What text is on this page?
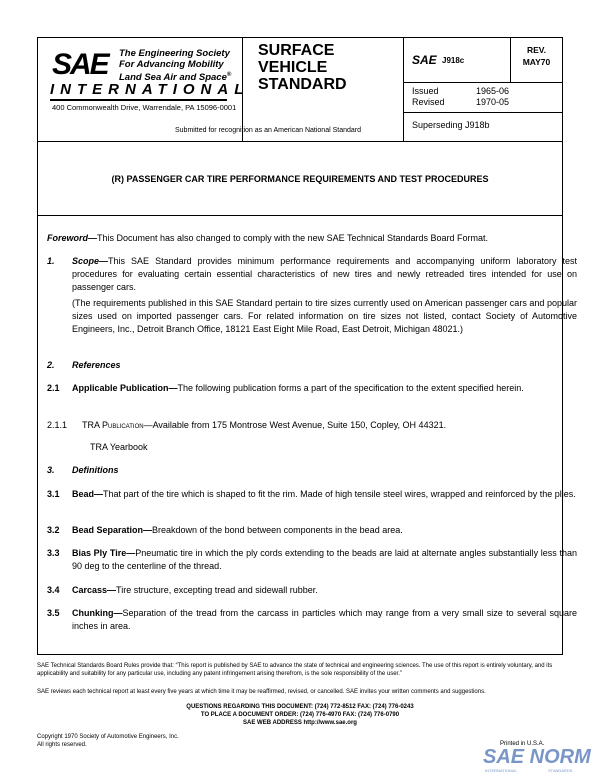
SAE The Engineering Society
For Advancing Mobility
Land Sea Air and Space®
INTERNATIONAL
400 Commonwealth Drive, Warrendale, PA 15096-0001
SURFACE
VEHICLE
STANDARD
Submitted for recognition as an American National Standard
SAE J918c
REV.
MAY70
Issued	1965-06
Revised	1970-05
Superseding J918b
(R) PASSENGER CAR TIRE PERFORMANCE REQUIREMENTS AND TEST PROCEDURES
Foreword—This Document has also changed to comply with the new SAE Technical Standards Board Format.
1. Scope—This SAE Standard provides minimum performance requirements and accompanying uniform laboratory test procedures for evaluating certain essential characteristics of new tires and newly retreaded tires intended for use on passenger cars.
(The requirements published in this SAE Standard pertain to tire sizes currently used on American passenger cars and popular sizes used on imported passenger cars. For related information on tire sizes not listed, contact Society of Automotive Engineers, Inc., Detroit Branch Office, 18121 East Eight Mile Road, East Detroit, Michigan 48021.)
2. References
2.1 Applicable Publication—The following publication forms a part of the specification to the extent specified herein.
2.1.1 TRA Publication—Available from 175 Montrose West Avenue, Suite 150, Copley, OH 44321.
TRA Yearbook
3. Definitions
3.1 Bead—That part of the tire which is shaped to fit the rim. Made of high tensile steel wires, wrapped and reinforced by the plies.
3.2 Bead Separation—Breakdown of the bond between components in the bead area.
3.3 Bias Ply Tire—Pneumatic tire in which the ply cords extending to the beads are laid at alternate angles substantially less than 90 deg to the centerline of the thread.
3.4 Carcass—Tire structure, excepting tread and sidewall rubber.
3.5 Chunking—Separation of the tread from the carcass in particles which may range from a very small size to several square inches in area.
SAE Technical Standards Board Rules provide that: “This report is published by SAE to advance the state of technical and engineering sciences. The use of this report is entirely voluntary, and its applicability and suitability for any particular use, including any patent infringement arising therefrom, is the sole responsibility of the user.”
SAE reviews each technical report at least every five years at which time it may be reaffirmed, revised, or cancelled. SAE invites your written comments and suggestions.
QUESTIONS REGARDING THIS DOCUMENT: (724) 772-8512 FAX: (724) 776-0243
TO PLACE A DOCUMENT ORDER: (724) 776-4970 FAX: (724) 776-0790
SAE WEB ADDRESS http://www.sae.org
Copyright 1970 Society of Automotive Engineers, Inc.
All rights reserved.	Printed in U.S.A.
SAE NORM
INTERNATIONAL	STANDARDS
